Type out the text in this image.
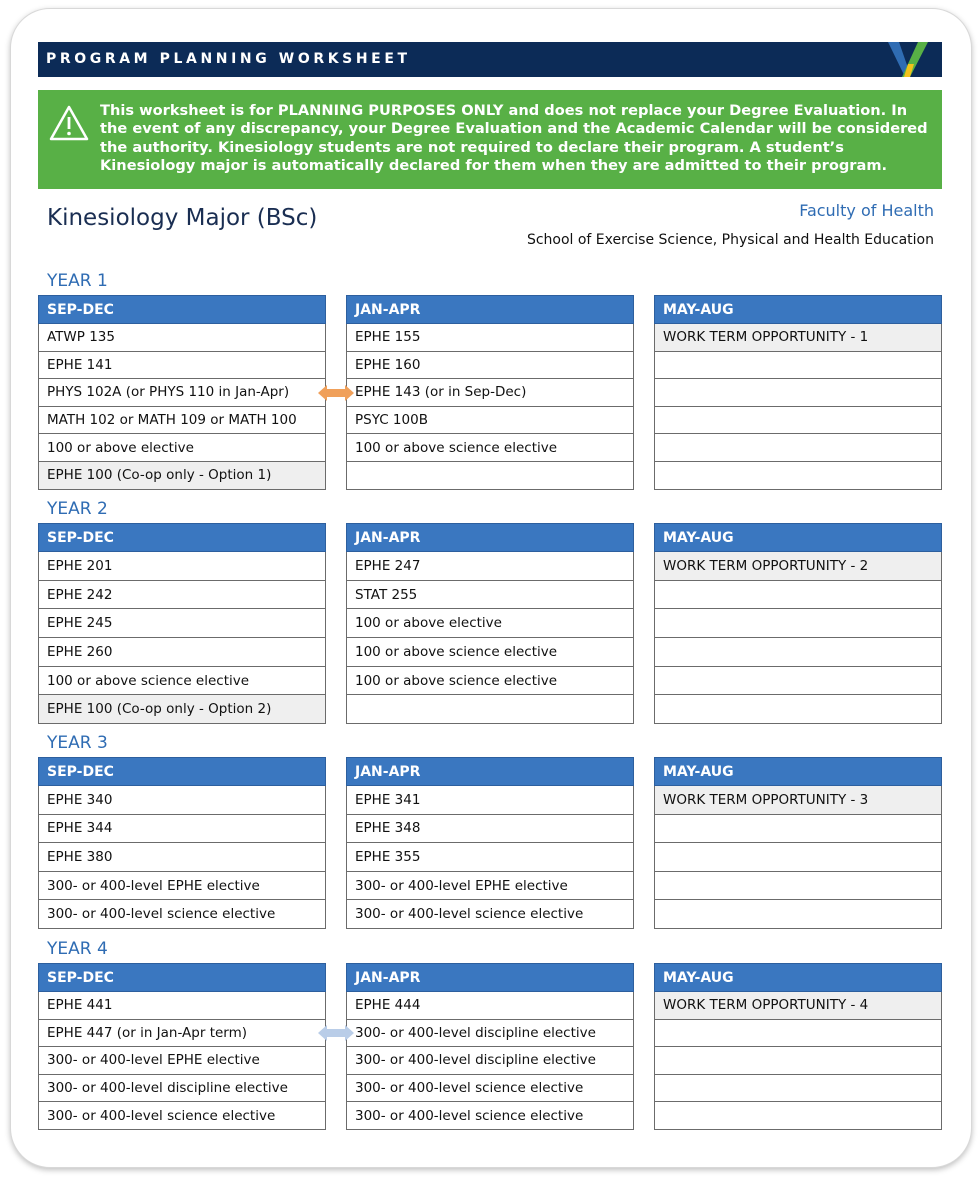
PROGRAM PLANNING WORKSHEET
This worksheet is for PLANNING PURPOSES ONLY and does not replace your Degree Evaluation. In the event of any discrepancy, your Degree Evaluation and the Academic Calendar will be considered the authority. Kinesiology students are not required to declare their program. A student’s Kinesiology major is automatically declared for them when they are admitted to their program.
Kinesiology Major (BSc)	Faculty of Health
School of Exercise Science, Physical and Health Education
YEAR 1
SEP-DEC
ATWP 135
EPHE 141
PHYS 102A (or PHYS 110 in Jan-Apr)
MATH 102 or MATH 109 or MATH 100
100 or above elective
EPHE 100 (Co-op only - Option 1)
JAN-APR
EPHE 155
EPHE 160
EPHE 143 (or in Sep-Dec)
PSYC 100B
100 or above science elective
MAY-AUG
WORK TERM OPPORTUNITY - 1
YEAR 2
SEP-DEC
EPHE 201
EPHE 242
EPHE 245
EPHE 260
100 or above science elective
EPHE 100 (Co-op only - Option 2)
JAN-APR
EPHE 247
STAT 255
100 or above elective
100 or above science elective
100 or above science elective
MAY-AUG
WORK TERM OPPORTUNITY - 2
YEAR 3
SEP-DEC
EPHE 340
EPHE 344
EPHE 380
300- or 400-level EPHE elective
300- or 400-level science elective
JAN-APR
EPHE 341
EPHE 348
EPHE 355
300- or 400-level EPHE elective
300- or 400-level science elective
MAY-AUG
WORK TERM OPPORTUNITY - 3
YEAR 4
SEP-DEC
EPHE 441
EPHE 447 (or in Jan-Apr term)
300- or 400-level EPHE elective
300- or 400-level discipline elective
300- or 400-level science elective
JAN-APR
EPHE 444
300- or 400-level discipline elective
300- or 400-level discipline elective
300- or 400-level science elective
300- or 400-level science elective
MAY-AUG
WORK TERM OPPORTUNITY - 4
